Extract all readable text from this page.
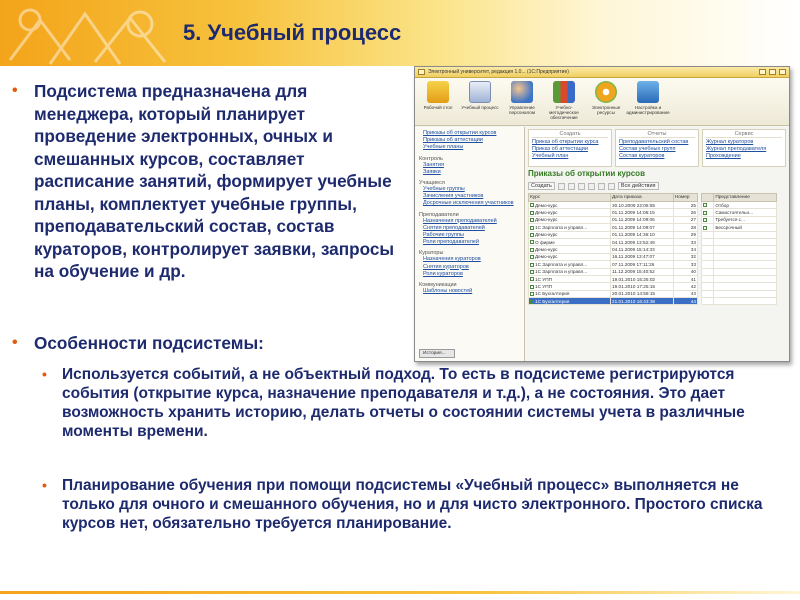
5. Учебный процесс
• Подсистема предназначена для менеджера, который планирует проведение электронных, очных и смешанных курсов, составляет расписание занятий, формирует учебные планы, комплектует учебные группы, преподавательский состав, состав кураторов, контролирует заявки, запросы на обучение и др.
• Особенности подсистемы:
• Используется событий, а не объектный подход. То есть в подсистеме регистрируются события (открытие курса, назначение преподавателя и т.д.), а не состояния. Это дает возможность хранить историю, делать отчеты о состоянии системы учета в различные моменты времени.
• Планирование обучения при помощи подсистемы «Учебный процесс» выполняется не только для очного и смешанного обучения, но и для чисто электронного. Простого списка курсов нет, обязательно требуется планирование.
Электронный университет, редакция 1.0... (1С:Предприятие)
Рабочий стол Учебный процесс	Управление персоналом
Учебно-методическое обеспечение
Электронные ресурсы
Настройка и администрирование
Приказы об открытии курсов
Приказы об аттестации
Учебные планы
Контроль
Занятия
Заявки
Учащиеся
Учебные группы
Зачисления участников
Досрочные исключения участников
Преподаватели
Назначения преподавателей
Снятия преподавателей
Рабочие группы
Роли преподавателей
Кураторы
Назначения кураторов
Снятия кураторов
Роли кураторов
Коммуникации
Шаблоны новостей
История...
Создать
Приказ об открытии курса
Приказ об аттестации
Учебный план
Отчеты
Преподавательский состав
Состав учебных групп
Состав кураторов
Сервис
Журнал кураторов
Журнал преподавателя
Прохождение
Приказы об открытии курсов
Создать	Все действия
Курс	Дата приказа	Номер
Демо-курс	30.10.2009 22:06:55	25
Демо-курс	01.11.2009 14:06:15	26
Демо-курс	01.11.2009 14:09:06	27
1С Зарплата и управл...	01.11.2009 14:09:07	28
Демо-курс	01.11.2009 14:36:10	29
О фирме	04.11.2009 13:52:49	33
Демо-курс	04.11.2009 15:14:33	34
Демо-курс	16.11.2009 13:47:07	32
1С Зарплата и управл...	07.11.2009 17:11:26	33
1С Зарплата и управл...	11.12.2009 15:40:52	40
1С УПП	19.01.2010 15:25:02	41
1С УПП	19.01.2010 17:25:15	42
1С Бухгалтерия	20.01.2010 14:59:15	43
1С Бухгалтерия	21.01.2010 16:43:38	44
	Представление
	Отбор
	Самостоятельн...
	Требуется с...
	Бессрочный
